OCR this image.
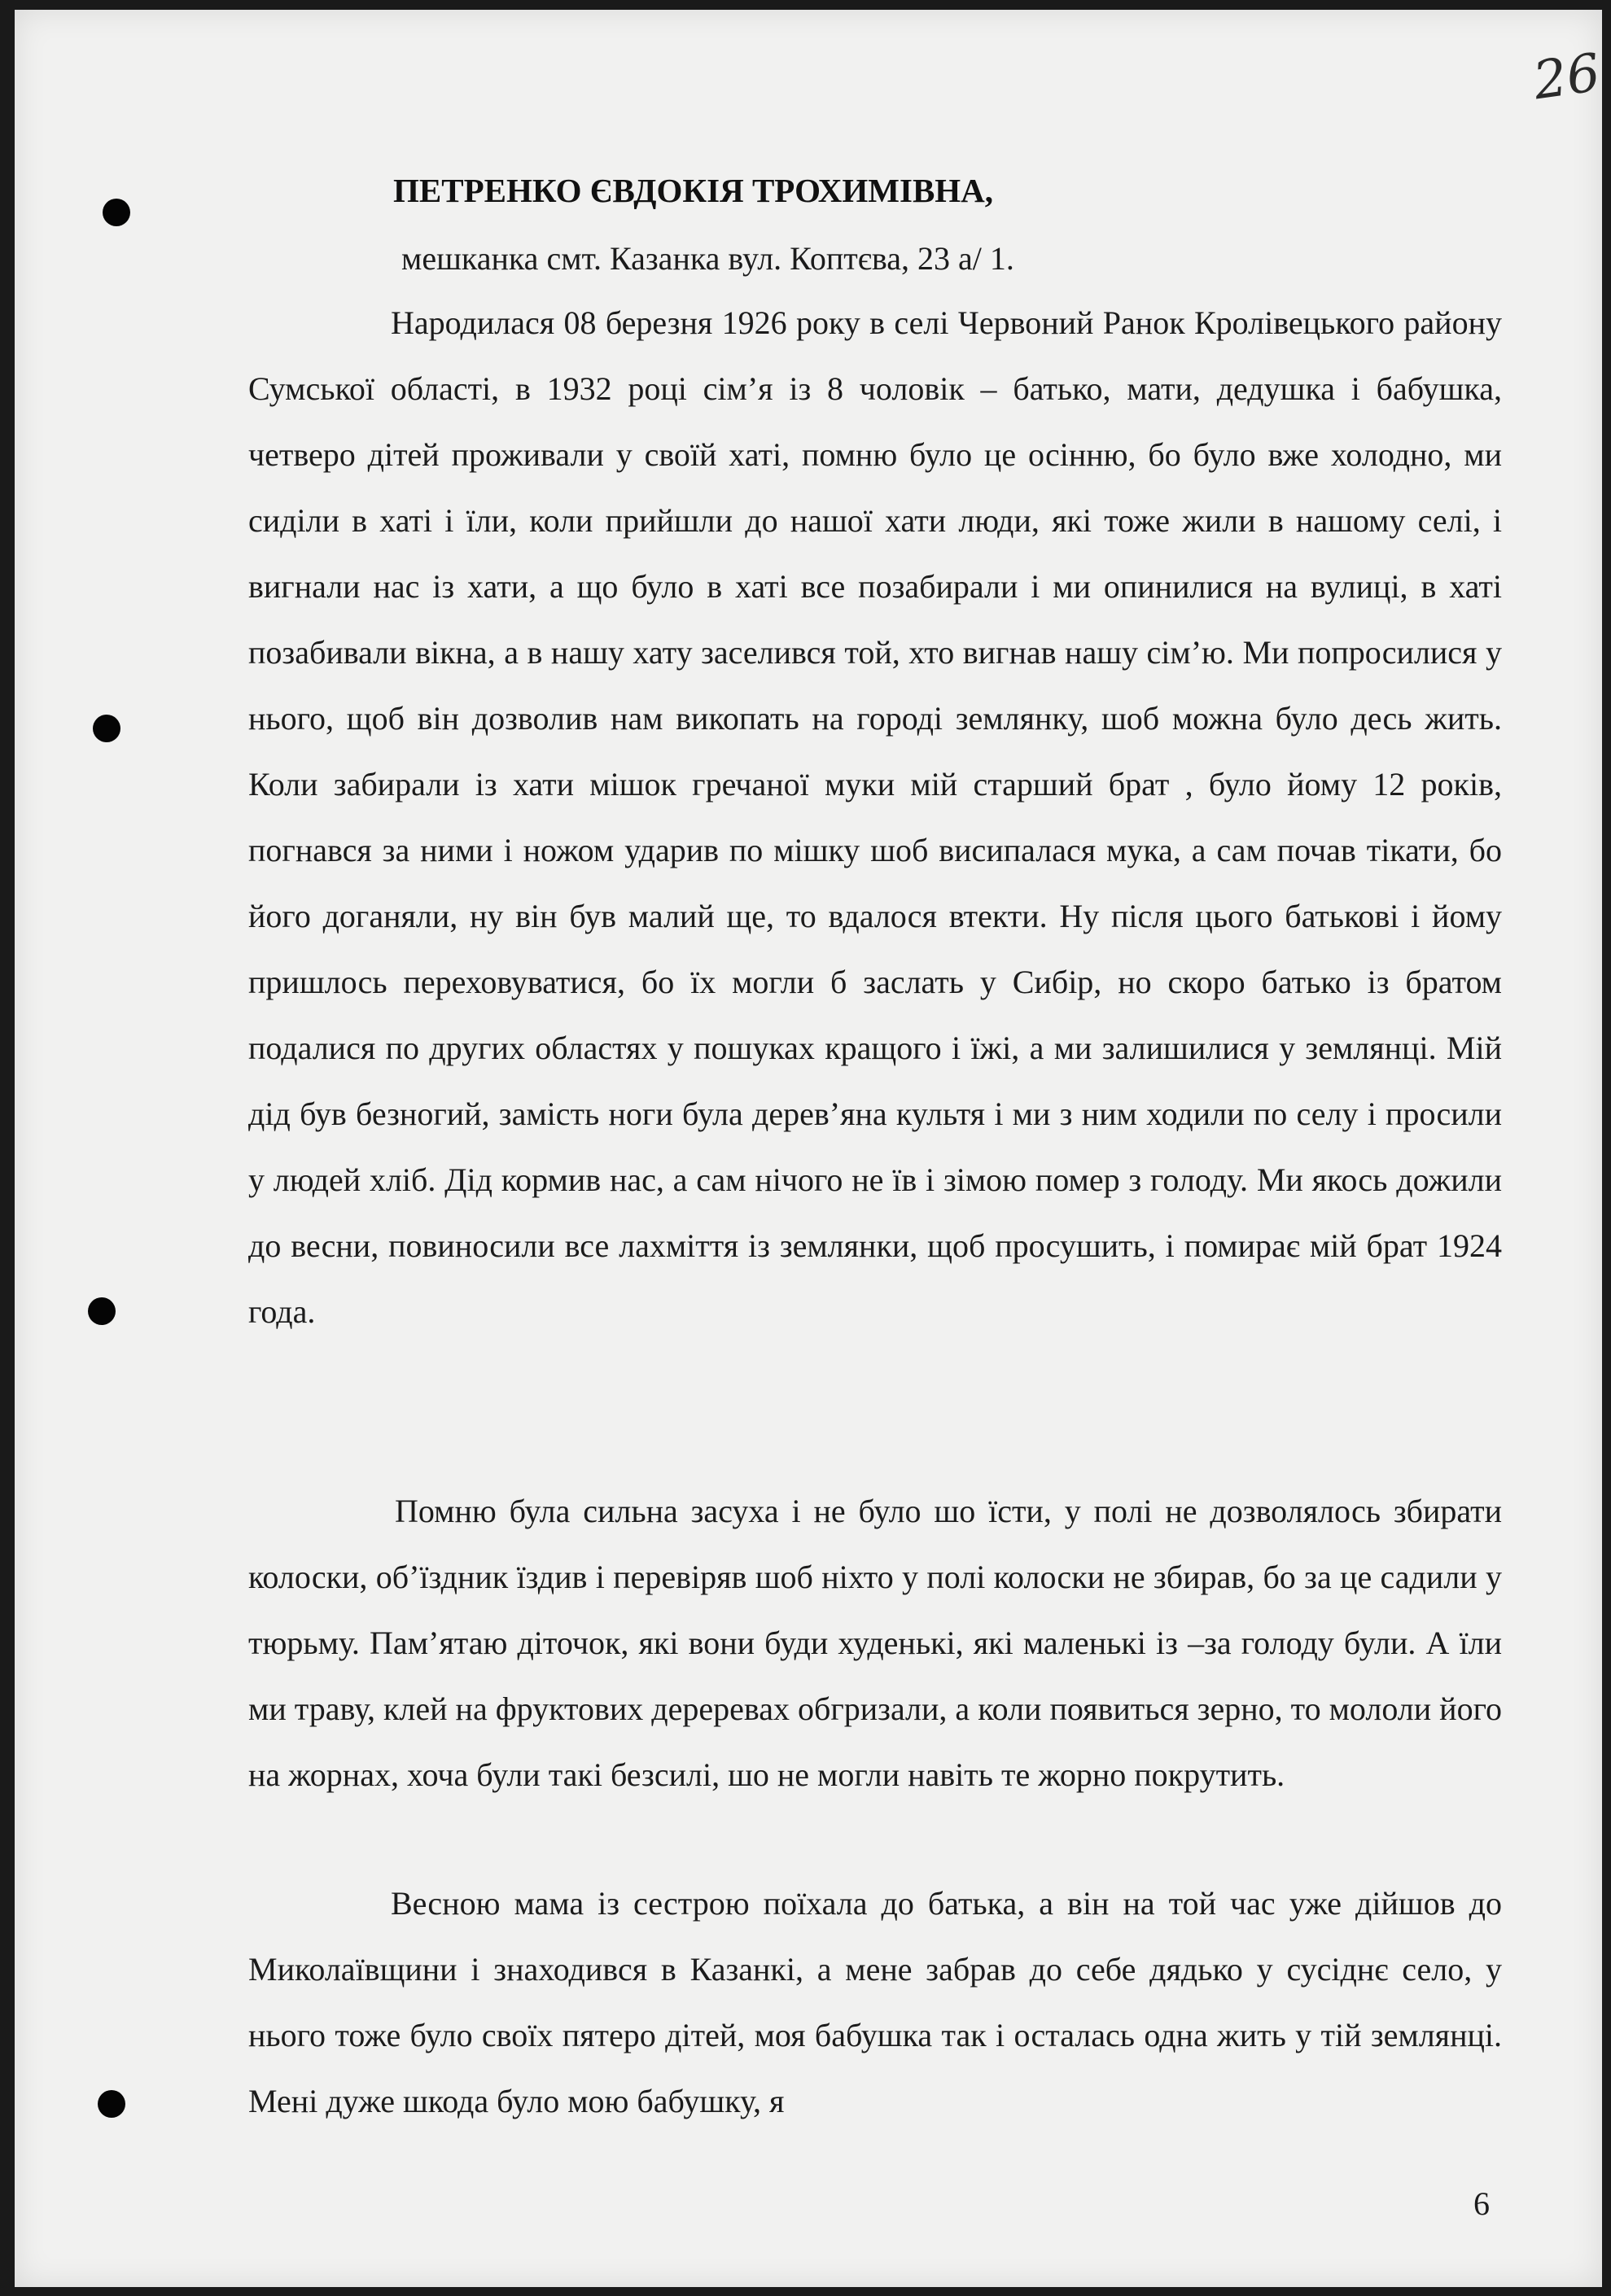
26
ПЕТРЕНКО ЄВДОКІЯ ТРОХИМІВНА,
мешканка смт. Казанка вул. Коптєва, 23 а/ 1.

Народилася 08 березня 1926 року в селі Червоний Ранок Кролівецького району Сумської області, в 1932 році сім’я із 8 чоловік – батько, мати, дедушка і бабушка, четверо дітей проживали у своїй хаті, помню було це осінню, бо було вже холодно, ми сиділи в хаті і їли, коли прийшли до нашої хати люди, які тоже жили в нашому селі, і вигнали нас із хати, а що було в хаті все позабирали і ми опинилися на вулиці, в хаті позабивали вікна, а в нашу хату заселився той, хто вигнав нашу сім’ю. Ми попросилися у нього, щоб він дозволив нам викопать на городі землянку, шоб можна було десь жить. Коли забирали із хати мішок гречаної муки мій старший брат , було йому 12 років, погнався за ними і ножом ударив по мішку шоб висипалася мука, а сам почав тікати, бо його доганяли, ну він був малий ще, то вдалося втекти. Ну після цього батькові і йому пришлось переховуватися, бо їх могли б заслать у Сибір, но скоро батько із братом подалися по других областях у пошуках кращого і їжі, а ми залишилися у землянці. Мій дід був безногий, замість ноги була дерев’яна культя і ми з ним ходили по селу і просили у людей хліб. Дід кормив нас, а сам нічого не їв і зімою помер з голоду. Ми якось дожили до весни, повиносили все лахміття із землянки, щоб просушить, і помирає мій брат 1924 года.

Помню була сильна засуха і не було шо їсти, у полі не дозволялось збирати колоски, об’їздник їздив і перевіряв шоб ніхто у полі колоски не збирав, бо за це садили у тюрьму. Пам’ятаю діточок, які вони буди худенькі, які маленькі із –за голоду були. А їли ми траву, клей на фруктових дереревах обгризали, а коли появиться зерно, то мололи його на жорнах, хоча були такі безсилі, шо не могли навіть те жорно покрутить.

Весною мама із сестрою поїхала до батька, а він на той час уже дійшов до Миколаївщини і знаходився в Казанкі, а мене забрав до себе дядько у сусіднє село, у нього тоже було своїх пятеро дітей, моя бабушка так і осталась одна жить у тій землянці. Мені дуже шкода було мою бабушку, я

6
